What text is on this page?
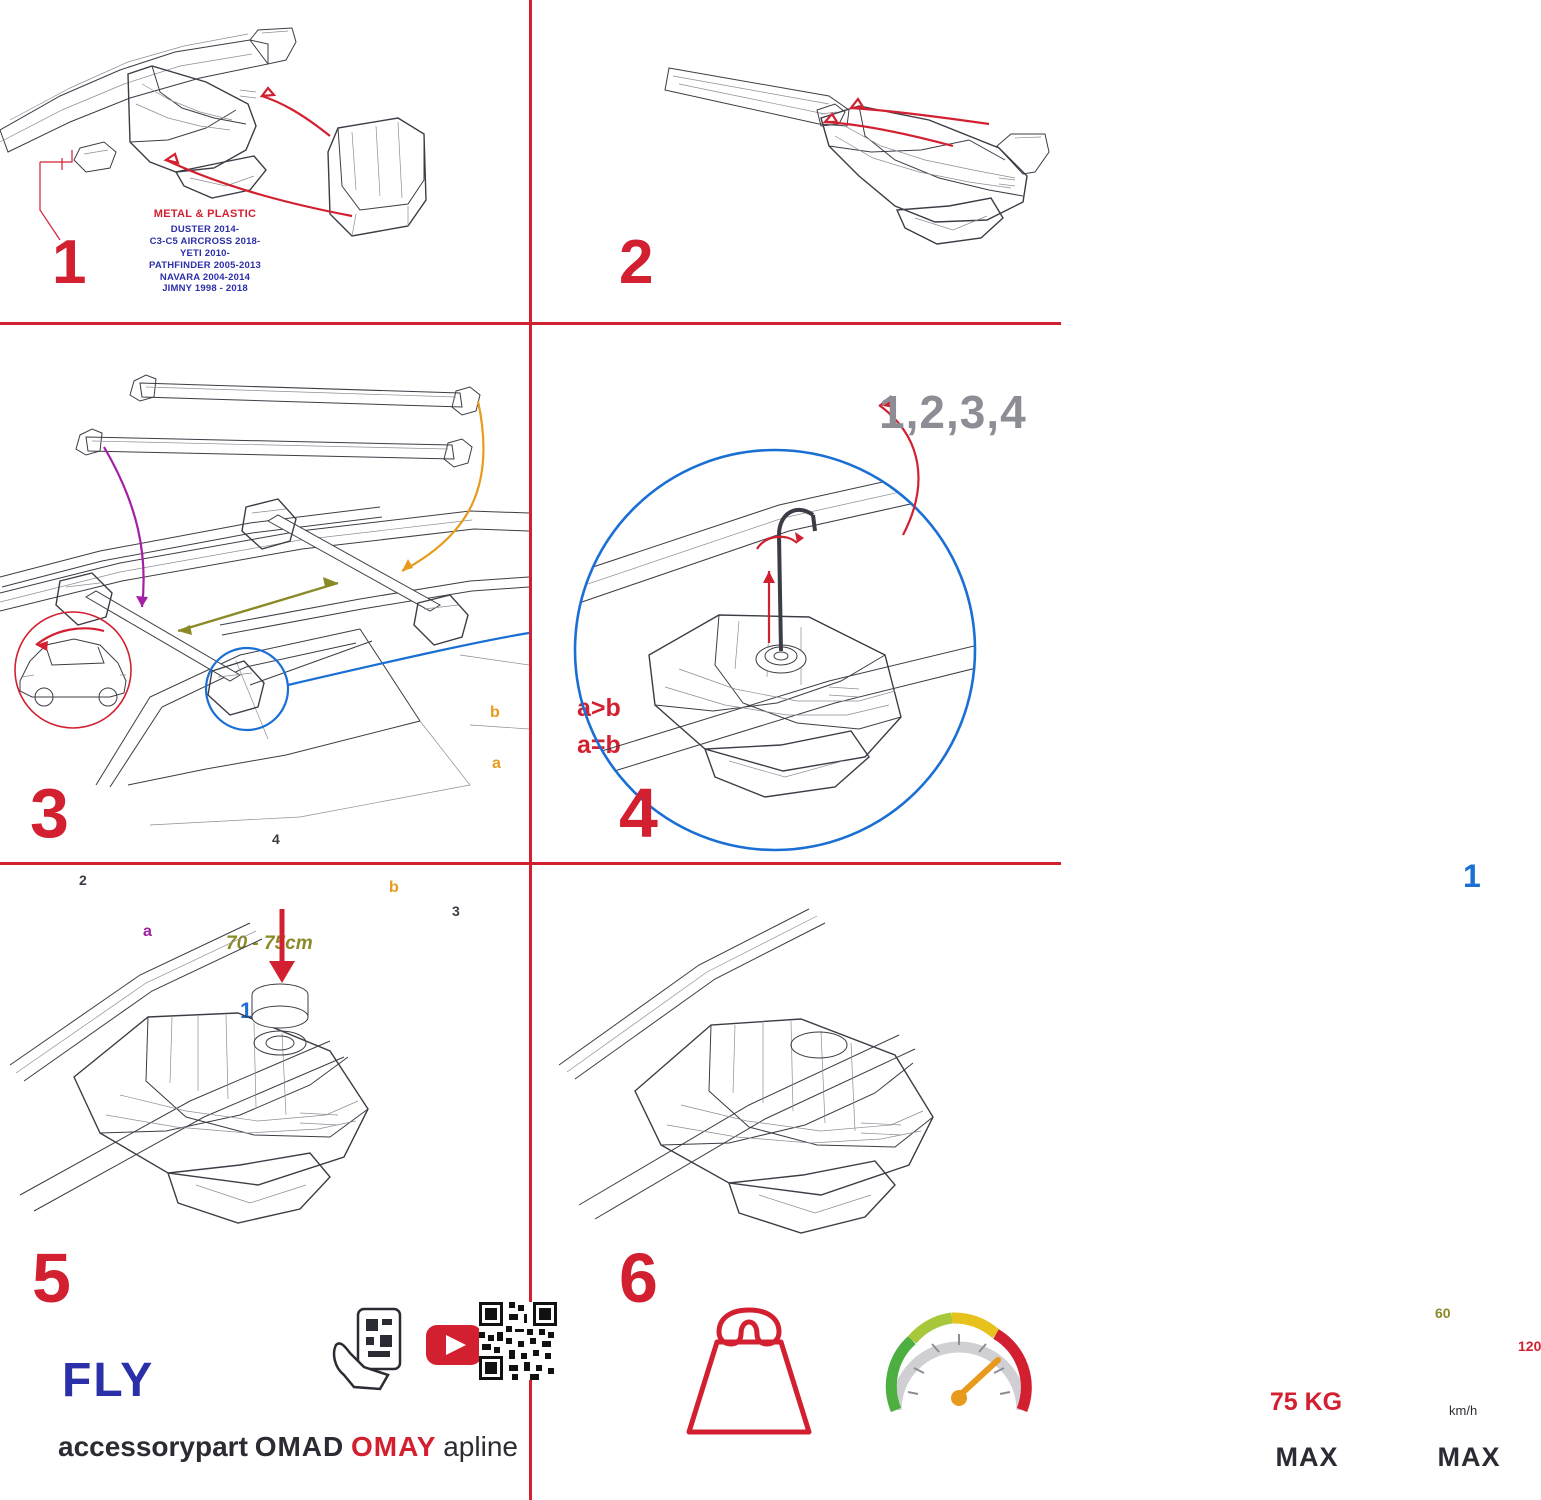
METAL & PLASTIC
DUSTER 2014-
C3-C5 AIRCROSS 2018-
YETI 2010-
PATHFINDER 2005-2013
NAVARA 2004-2014
JIMNY 1998 - 2018
1	2
b
a
a
b
2
4
3
70 - 75cm
1
a>b
a=b
3
1,2,3,4
1
4
5
FLY
accessorypart OMAD OMAY apline
6
75 KG
MAX
60
120
km/h
MAX
